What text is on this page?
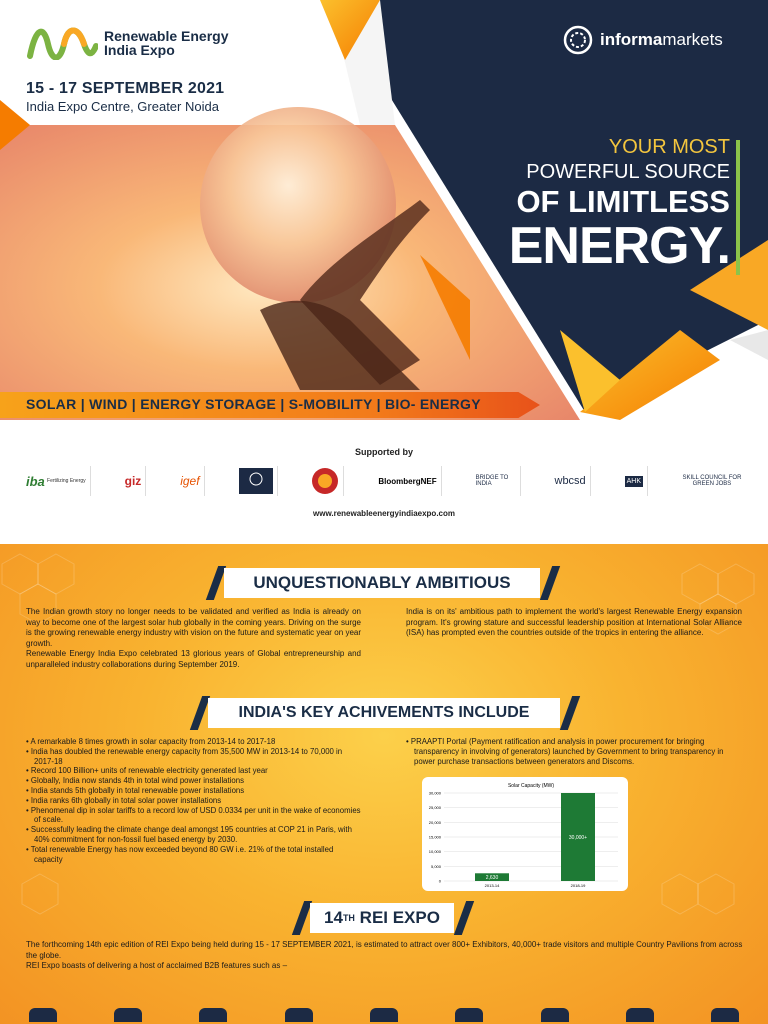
Renewable Energy
India Expo
15 - 17 SEPTEMBER 2021
India Expo Centre, Greater Noida
informamarkets
YOUR MOST
POWERFUL SOURCE
OF LIMITLESS
ENERGY.
SOLAR | WIND | ENERGY STORAGE | S-MOBILITY | BIO- ENERGY
Supported by
iba
Fertilizing Energy	giz	igef	BloombergNEF	BRIDGE TO INDIA	wbcsd	AHK	SKILL COUNCIL FOR GREEN JOBS
www.renewableenergyindiaexpo.com
UNQUESTIONABLY AMBITIOUS
The Indian growth story no longer needs to be validated and verified as India is already on way to become one of the largest solar hub globally in the coming years. Driving on the surge is the growing renewable energy industry with vision on the future and systematic year on year growth.
Renewable Energy India Expo celebrated 13 glorious years of Global entrepreneurship and unparalleled industry collaborations during September 2019.
India is on its' ambitious path to implement the world's largest Renewable Energy expansion program. It's growing stature and successful leadership position at International Solar Alliance (ISA) has prompted even the countries outside of the tropics in entering the alliance.
INDIA'S KEY ACHIVEMENTS INCLUDE
• A remarkable 8 times growth in solar capacity from 2013-14 to 2017-18
• India has doubled the renewable energy capacity from 35,500 MW in 2013-14 to 70,000 in 2017-18
• Record 100 Billion+ units of renewable electricity generated last year
• Globally, India now stands 4th in total wind power installations
• India stands 5th globally in total renewable power installations
• India ranks 6th globally in total solar power installations
• Phenomenal dip in solar tariffs to a record low of USD 0.0334 per unit in the wake of economies of scale.
• Successfully leading the climate change deal amongst 195 countries at COP 21 in Paris, with 40% commitment for non-fossil fuel based energy by 2030.
• Total renewable Energy has now exceeded beyond 80 GW i.e. 21% of the total installed capacity
• PRAAPTI Portal (Payment ratification and analysis in power procurement for bringing transparency in involving of generators) launched by Government to bring transparency in power purchase transactions between generators and Discoms.
Solar Capacity (MW)
0
5,000
10,000
15,000
20,000
25,000
30,000
2,630
2013-14
30,000+
2018-19
14 TH REI EXPO
The forthcoming 14th epic edition of REI Expo being held during 15 - 17 SEPTEMBER 2021, is estimated to attract over 800+ Exhibitors, 40,000+ trade visitors and multiple Country Pavilions from across the globe.
REI Expo boasts of delivering a host of acclaimed B2B features such as –
